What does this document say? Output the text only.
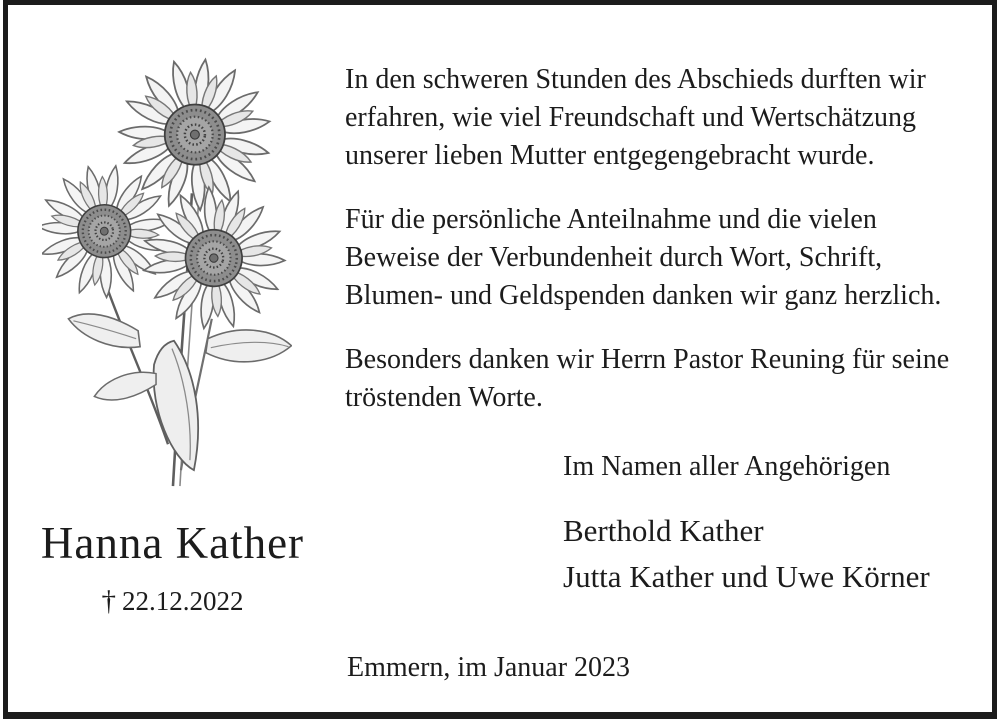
In den schweren Stunden des Abschieds durften wir
erfahren, wie viel Freundschaft und Wertschätzung
unserer lieben Mutter entgegengebracht wurde.
Für die persönliche Anteilnahme und die vielen
Beweise der Verbundenheit durch Wort, Schrift,
Blumen- und Geldspenden danken wir ganz herzlich.
Besonders danken wir Herrn Pastor Reuning für seine
tröstenden Worte.
Im Namen aller Angehörigen
Berthold Kather
Jutta Kather und Uwe Körner
Hanna Kather
† 22.12.2022
Emmern, im Januar 2023
